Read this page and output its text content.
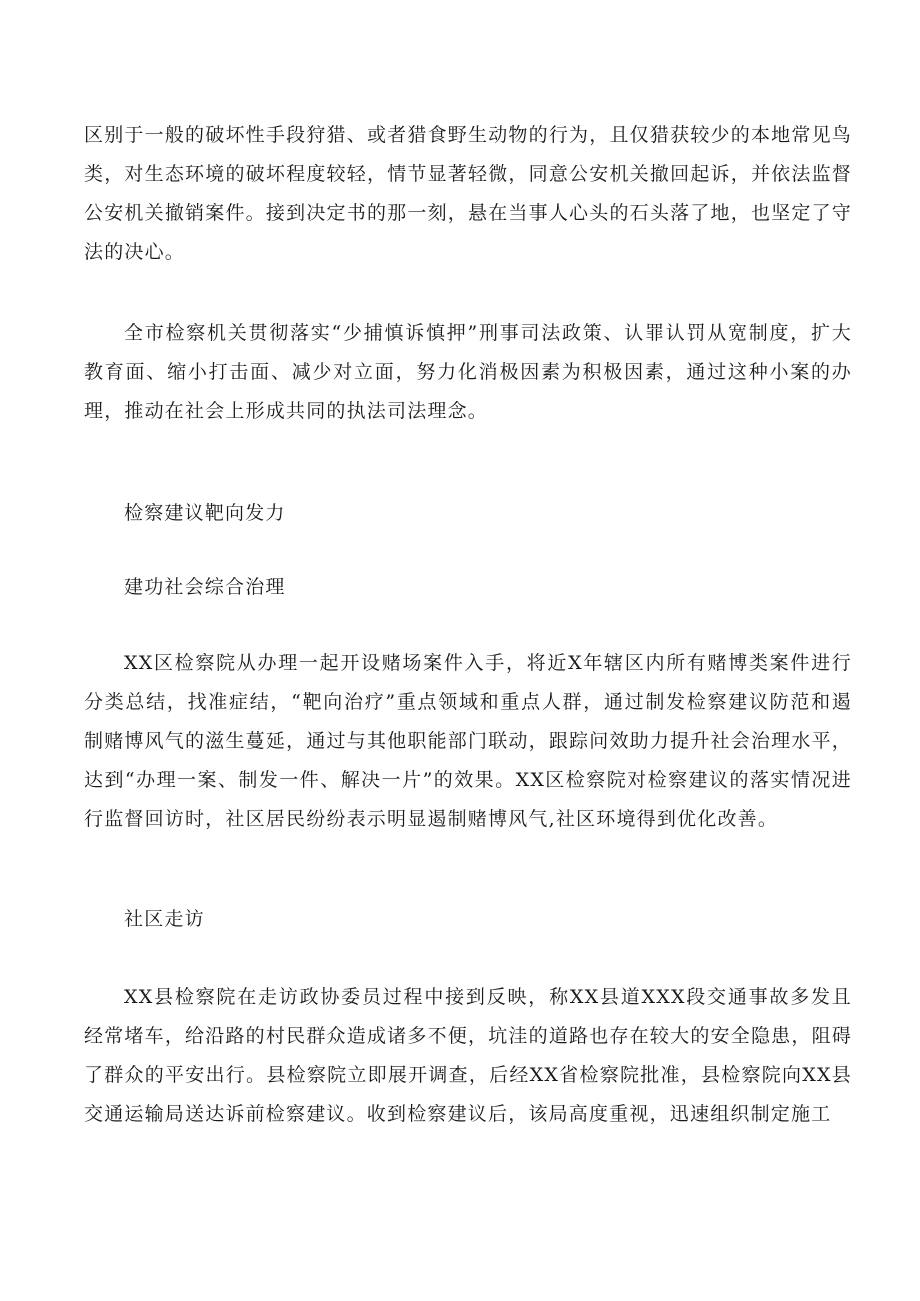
区别于一般的破坏性手段狩猎、或者猎食野生动物的行为，且仅猎获较少的本地常见鸟类，对生态环境的破坏程度较轻，情节显著轻微，同意公安机关撤回起诉，并依法监督公安机关撤销案件。接到决定书的那一刻，悬在当事人心头的石头落了地，也坚定了守法的决心。

全市检察机关贯彻落实“少捕慎诉慎押”刑事司法政策、认罪认罚从宽制度，扩大教育面、缩小打击面、减少对立面，努力化消极因素为积极因素，通过这种小案的办理，推动在社会上形成共同的执法司法理念。

检察建议靶向发力

建功社会综合治理

XX区检察院从办理一起开设赌场案件入手，将近X年辖区内所有赌博类案件进行分类总结，找准症结，“靶向治疗”重点领域和重点人群，通过制发检察建议防范和遏制赌博风气的滋生蔓延，通过与其他职能部门联动，跟踪问效助力提升社会治理水平，达到“办理一案、制发一件、解决一片”的效果。XX区检察院对检察建议的落实情况进行监督回访时，社区居民纷纷表示明显遏制赌博风气,社区环境得到优化改善。

社区走访

XX县检察院在走访政协委员过程中接到反映，称XX县道XXX段交通事故多发且经常堵车，给沿路的村民群众造成诸多不便，坑洼的道路也存在较大的安全隐患，阻碍了群众的平安出行。县检察院立即展开调查，后经XX省检察院批准，县检察院向XX县交通运输局送达诉前检察建议。收到检察建议后，该局高度重视，迅速组织制定施工
